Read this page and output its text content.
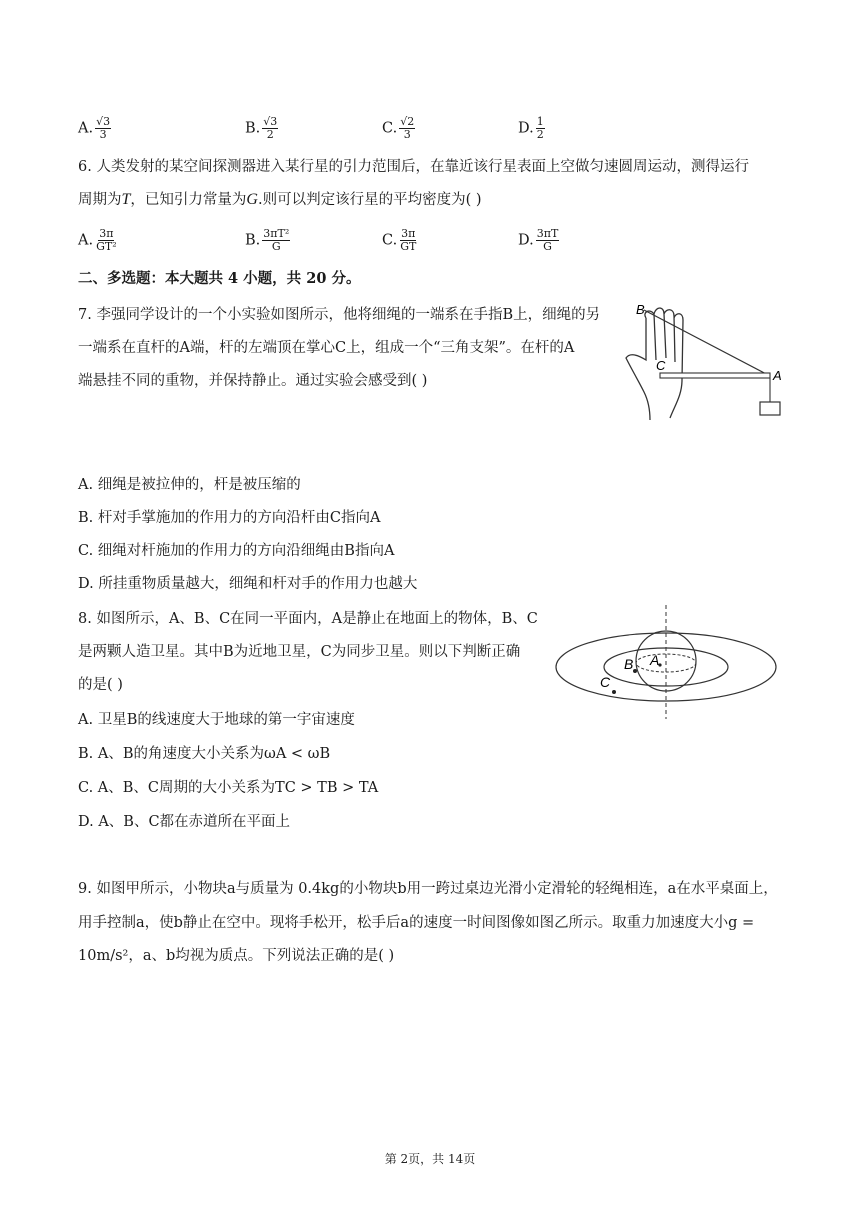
A. $\frac{√3}{3}$	B. $\frac{√3}{2}$	C. $\frac{√2}{3}$	D. $\frac{1}{2}$
6. 人类发射的某空间探测器进入某行星的引力范围后，在靠近该行星表面上空做匀速圆周运动，测得运行
周期为T，已知引力常量为G.则可以判定该行星的平均密度为( )
A. $\frac{3\pi}{\text{GT²}}$	B. $\frac{\text{3πT²}}{G}$	C. $\frac{3\pi}{GT}$	D. $\frac{3\pi T}{G}$
二、多选题：本大题共 4 小题，共 20 分。
7. 李强同学设计的一个小实验如图所示，他将细绳的一端系在手指B上，细绳的另
一端系在直杆的A端，杆的左端顶在掌心C上，组成一个“三角支架”。在杆的A
端悬挂不同的重物，并保持静止。通过实验会感受到( )
B
C
A
A. 细绳是被拉伸的，杆是被压缩的
B. 杆对手掌施加的作用力的方向沿杆由C指向A
C. 细绳对杆施加的作用力的方向沿细绳由B指向A
D. 所挂重物质量越大，细绳和杆对手的作用力也越大
8. 如图所示，A、B、C在同一平面内，A是静止在地面上的物体，B、C
是两颗人造卫星。其中B为近地卫星，C为同步卫星。则以下判断正确
的是( )
A
B
C
A. 卫星B的线速度大于地球的第一宇宙速度
B. A、B的角速度大小关系为ωA < ωB
C. A、B、C周期的大小关系为TC > TB > TA
D. A、B、C都在赤道所在平面上
9. 如图甲所示，小物块a与质量为 0.4kg的小物块b用一跨过桌边光滑小定滑轮的轻绳相连，a在水平桌面上，
用手控制a，使b静止在空中。现将手松开，松手后a的速度一时间图像如图乙所示。取重力加速度大小g =
10m/s²，a、b均视为质点。下列说法正确的是( )
第 2页，共 14页
